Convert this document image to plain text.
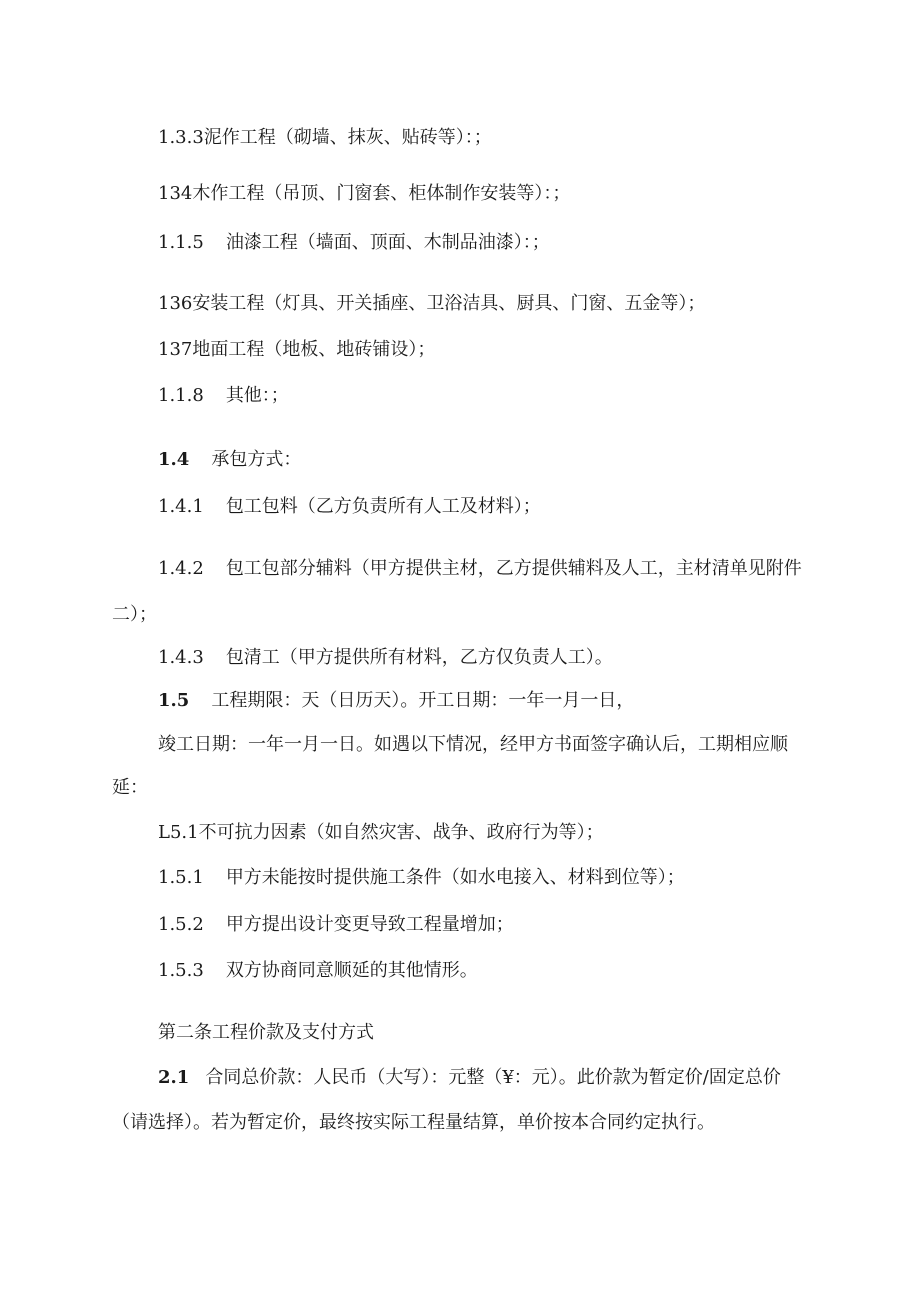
1.3.3泥作工程（砌墙、抹灰、贴砖等）：；
134木作工程（吊顶、门窗套、柜体制作安装等）：；
1.1.5 油漆工程（墙面、顶面、木制品油漆）：；
136安装工程（灯具、开关插座、卫浴洁具、厨具、门窗、五金等）；
137地面工程（地板、地砖铺设）；
1.1.8 其他：；
1.4 承包方式：
1.4.1 包工包料（乙方负责所有人工及材料）；
1.4.2 包工包部分辅料（甲方提供主材，乙方提供辅料及人工，主材清单见附件
二）；
1.4.3 包清工（甲方提供所有材料，乙方仅负责人工）。
1.5 工程期限：天（日历天）。开工日期：一年一月一日，
竣工日期：一年一月一日。如遇以下情况，经甲方书面签字确认后，工期相应顺
延：
L5.1不可抗力因素（如自然灾害、战争、政府行为等）；
1.5.1 甲方未能按时提供施工条件（如水电接入、材料到位等）；
1.5.2 甲方提出设计变更导致工程量增加；
1.5.3 双方协商同意顺延的其他情形。
第二条工程价款及支付方式
2.1 合同总价款：人民币（大写）：元整（¥：元）。此价款为暂定价/固定总价
（请选择）。若为暂定价，最终按实际工程量结算，单价按本合同约定执行。
